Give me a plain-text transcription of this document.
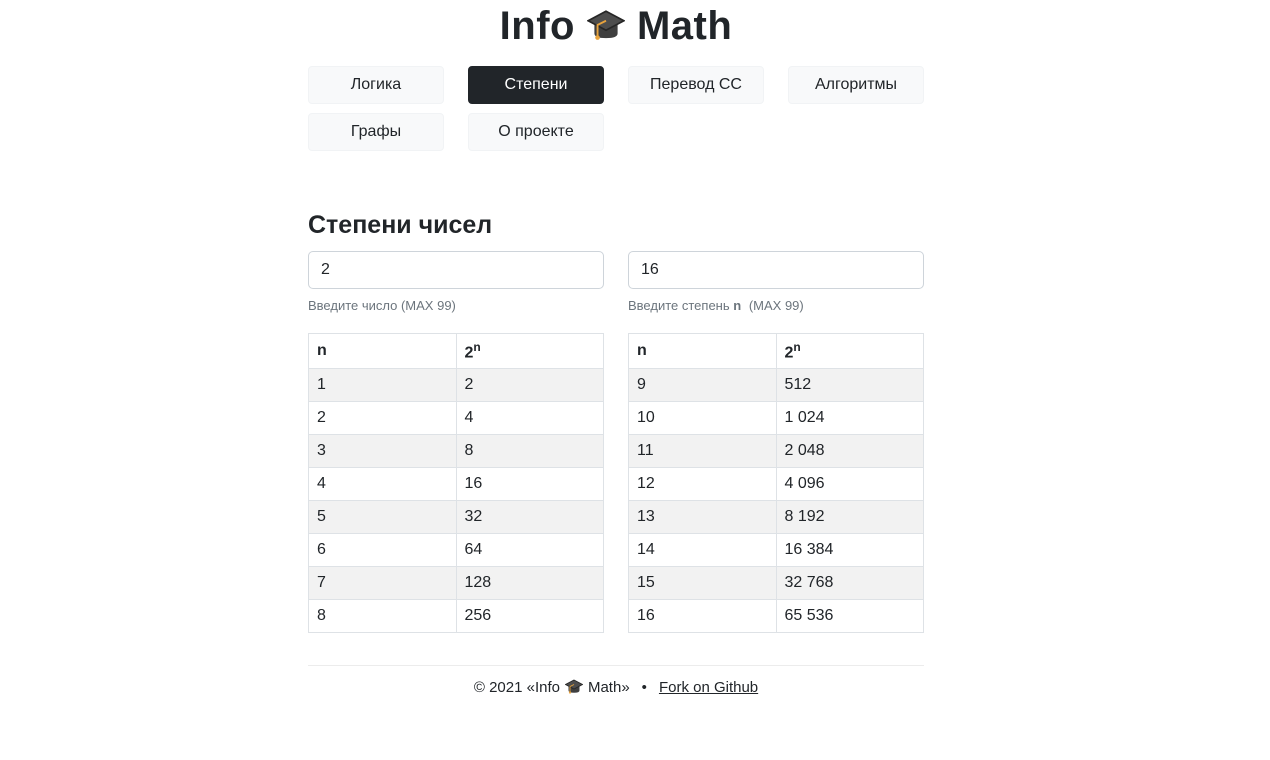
Info Math
Логика	Степени	Перевод СС	Алгоритмы
Графы	О проекте
Степени чисел
2
Введите число (MAX 99)
16	Введите степень n (MAX 99)
n	2$^n$
1	2
2	4
3	8
4	16
5	32
6	64
7	128
8	256
n	2$^n$
9	512
10	1 024
11	2 048
12	4 096
13	8 192
14	16 384
15	32 768
16	65 536
© 2021 «Info Math» • Fork on Github
